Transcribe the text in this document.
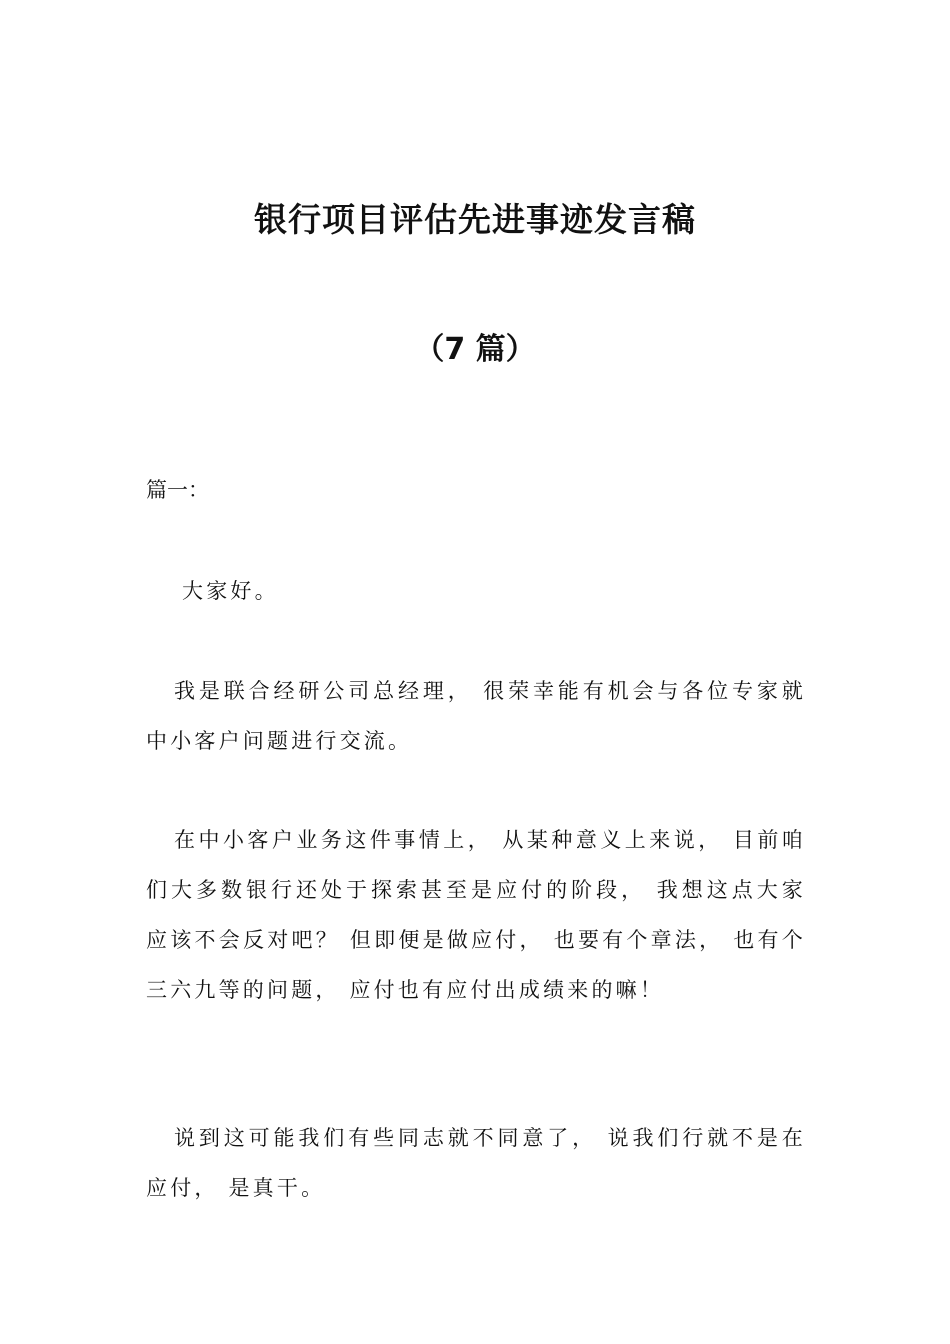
银行项目评估先进事迹发言稿
（7 篇）

篇一：

大家好。

我是联合经研公司总经理， 很荣幸能有机会与各位专家就中小客户问题进行交流。

在中小客户业务这件事情上， 从某种意义上来说， 目前咱们大多数银行还处于探索甚至是应付的阶段， 我想这点大家应该不会反对吧？ 但即便是做应付， 也要有个章法， 也有个三六九等的问题， 应付也有应付出成绩来的嘛！

说到这可能我们有些同志就不同意了， 说我们行就不是在应付， 是真干。
